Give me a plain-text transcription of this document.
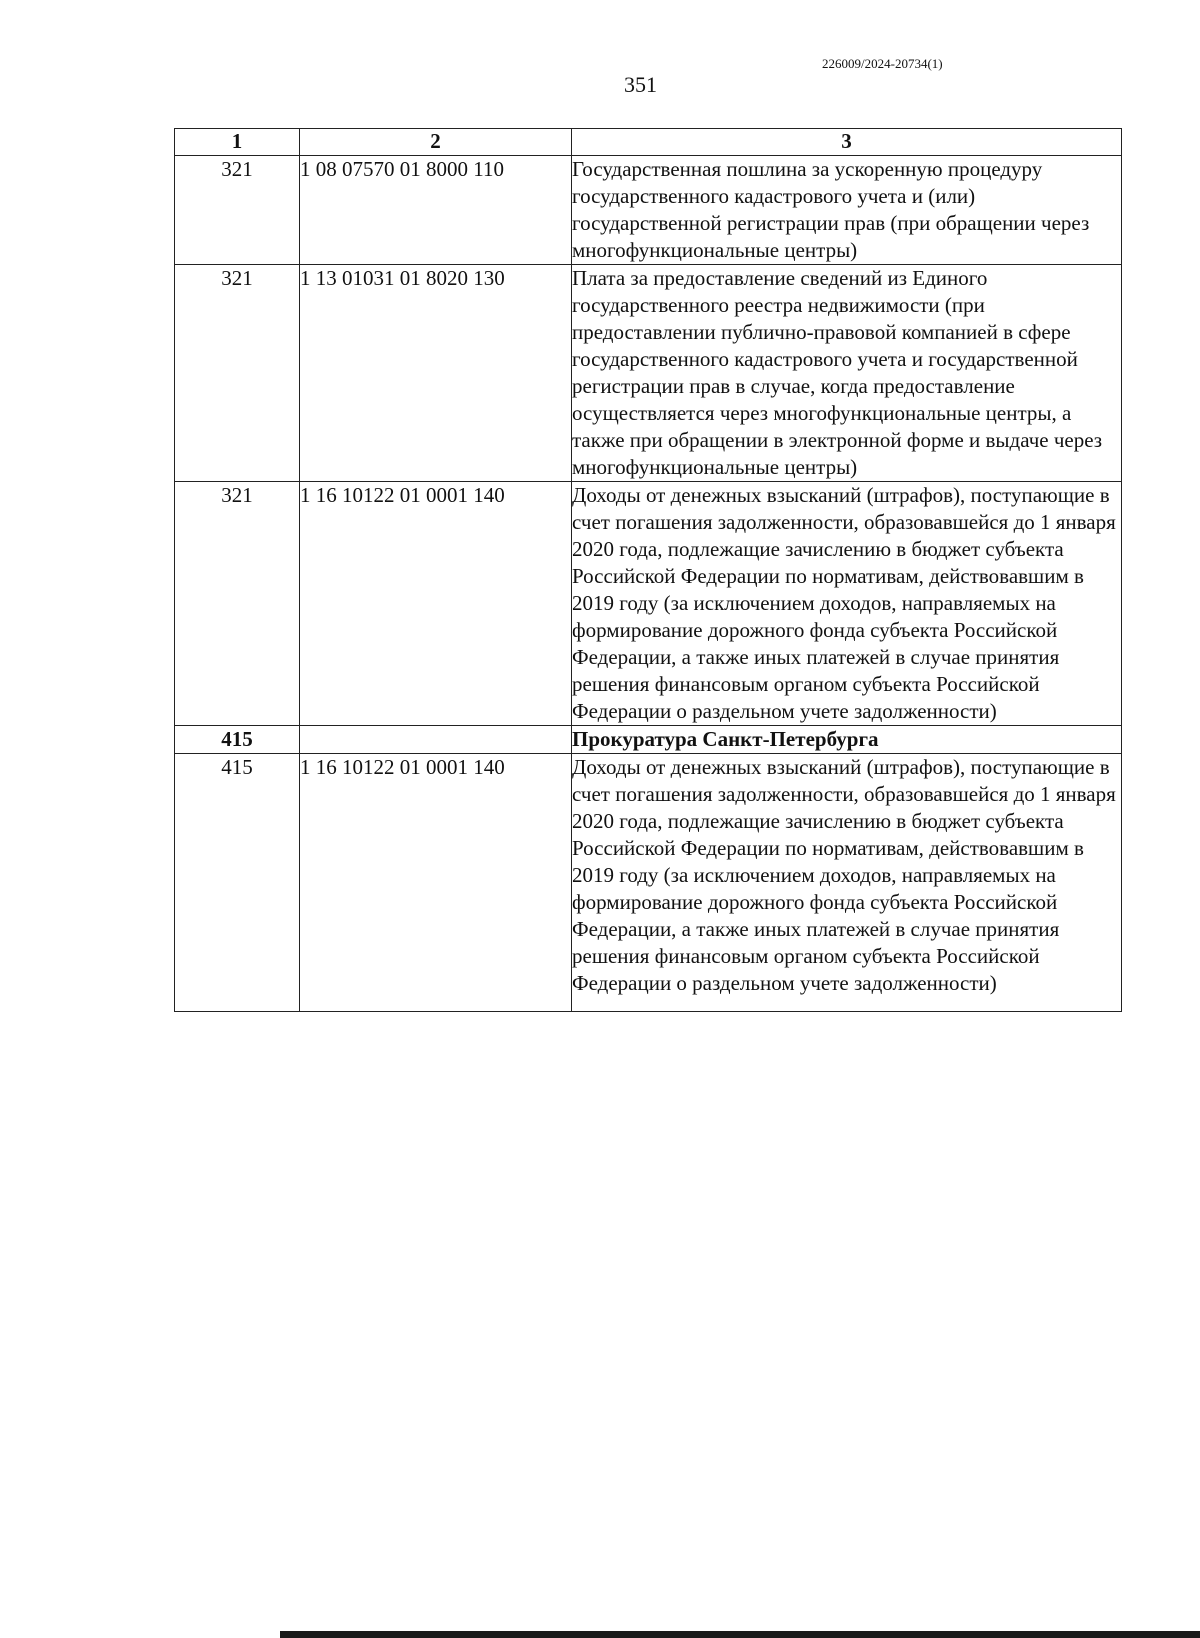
226009/2024-20734(1)
351
1	2	3
321	1 08 07570 01 8000 110	Государственная пошлина за ускоренную процедуру государственного кадастрового учета и (или) государственной регистрации прав (при обращении через многофункциональные центры)
321	1 13 01031 01 8020 130	Плата за предоставление сведений из Единого государственного реестра недвижимости (при предоставлении публично-правовой компанией в сфере государственного кадастрового учета и государственной регистрации прав в случае, когда предоставление осуществляется через многофункциональные центры, а также при обращении в электронной форме и выдаче через многофункциональные центры)
321	1 16 10122 01 0001 140	Доходы от денежных взысканий (штрафов), поступающие в счет погашения задолженности, образовавшейся до 1 января 2020 года, подлежащие зачислению в бюджет субъекта Российской Федерации по нормативам, действовавшим в 2019 году (за исключением доходов, направляемых на формирование дорожного фонда субъекта Российской Федерации, а также иных платежей в случае принятия решения финансовым органом субъекта Российской Федерации о раздельном учете задолженности)
415		Прокуратура Санкт-Петербурга
415	1 16 10122 01 0001 140	Доходы от денежных взысканий (штрафов), поступающие в счет погашения задолженности, образовавшейся до 1 января 2020 года, подлежащие зачислению в бюджет субъекта Российской Федерации по нормативам, действовавшим в 2019 году (за исключением доходов, направляемых на формирование дорожного фонда субъекта Российской Федерации, а также иных платежей в случае принятия решения финансовым органом субъекта Российской Федерации о раздельном учете задолженности)
